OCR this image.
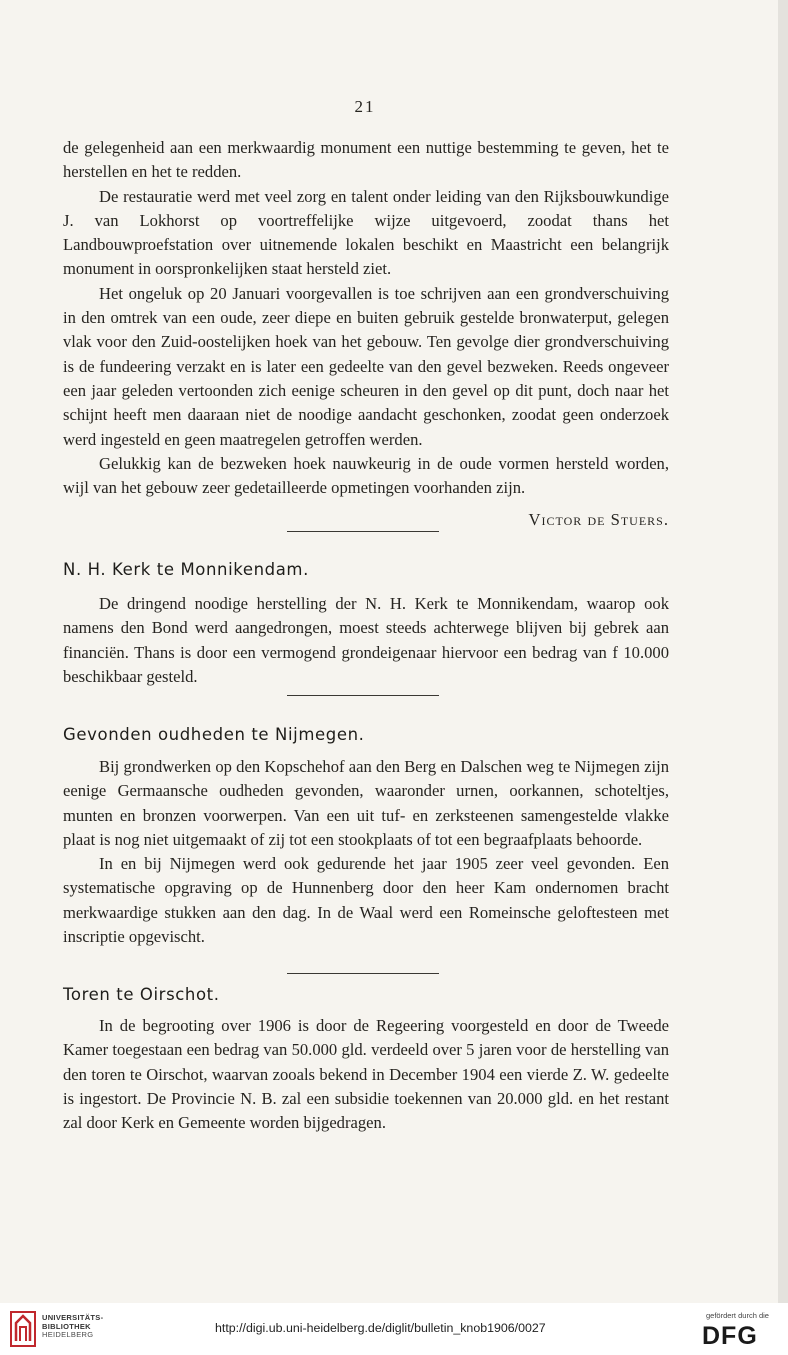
21

de gelegenheid aan een merkwaardig monument een nuttige bestemming te geven, het te herstellen en het te redden.

De restauratie werd met veel zorg en talent onder leiding van den Rijksbouwkundige J. van Lokhorst op voortreffelijke wijze uitgevoerd, zoodat thans het Landbouwproefstation over uitnemende lokalen beschikt en Maastricht een belangrijk monument in oorspronkelijken staat hersteld ziet.

Het ongeluk op 20 Januari voorgevallen is toe schrijven aan een grondverschuiving in den omtrek van een oude, zeer diepe en buiten gebruik gestelde bronwaterput, gelegen vlak voor den Zuid-oostelijken hoek van het gebouw. Ten gevolge dier grondverschuiving is de fundeering verzakt en is later een gedeelte van den gevel bezweken. Reeds ongeveer een jaar geleden vertoonden zich eenige scheuren in den gevel op dit punt, doch naar het schijnt heeft men daaraan niet de noodige aandacht geschonken, zoodat geen onderzoek werd ingesteld en geen maatregelen getroffen werden.

Gelukkig kan de bezweken hoek nauwkeurig in de oude vormen hersteld worden, wijl van het gebouw zeer gedetailleerde opmetingen voorhanden zijn.

Victor de Stuers.
N. H. Kerk te Monnikendam.

De dringend noodige herstelling der N. H. Kerk te Monnikendam, waarop ook namens den Bond werd aangedrongen, moest steeds achterwege blijven bij gebrek aan financiën. Thans is door een vermogend grondeigenaar hiervoor een bedrag van f 10.000 beschikbaar gesteld.

Gevonden oudheden te Nijmegen.

Bij grondwerken op den Kopschehof aan den Berg en Dalschen weg te Nijmegen zijn eenige Germaansche oudheden gevonden, waaronder urnen, oorkannen, schoteltjes, munten en bronzen voorwerpen. Van een uit tuf- en zerksteenen samengestelde vlakke plaat is nog niet uitgemaakt of zij tot een stookplaats of tot een begraafplaats behoorde.

In en bij Nijmegen werd ook gedurende het jaar 1905 zeer veel gevonden. Een systematische opgraving op de Hunnenberg door den heer Kam ondernomen bracht merkwaardige stukken aan den dag. In de Waal werd een Romeinsche geloftesteen met inscriptie opgevischt.

Toren te Oirschot.

In de begrooting over 1906 is door de Regeering voorgesteld en door de Tweede Kamer toegestaan een bedrag van 50.000 gld. verdeeld over 5 jaren voor de herstelling van den toren te Oirschot, waarvan zooals bekend in December 1904 een vierde Z. W. gedeelte is ingestort. De Provincie N. B. zal een subsidie toekennen van 20.000 gld. en het restant zal door Kerk en Gemeente worden bijgedragen.

UNIVERSITÄTS-
BIBLIOTHEK
HEIDELBERG	http://digi.ub.uni-heidelberg.de/diglit/bulletin_knob1906/0027
gefördert durch die
DFG
